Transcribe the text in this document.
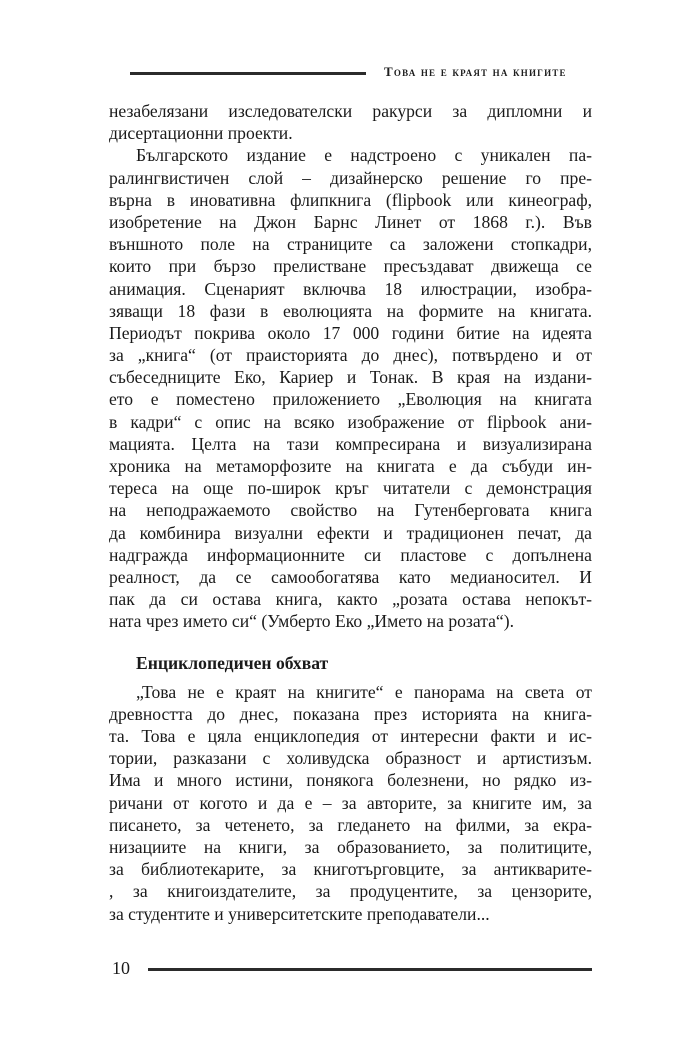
Това не е краят на книгите
незабелязани изследователски ракурси за дипломни и
дисертационни проекти.
Българското издание е надстроено с уникален па-
ралингвистичен слой – дизайнерско решение го пре-
върна в иновативна флипкнига (flipbook или кинеограф,
изобретение на Джон Барнс Линет от 1868 г.). Във
външното поле на страниците са заложени стопкадри,
които при бързо прелистване пресъздават движеща се
анимация. Сценарият включва 18 илюстрации, изобра-
зяващи 18 фази в еволюцията на формите на книгата.
Периодът покрива около 17 000 години битие на идеята
за „книга“ (от праисторията до днес), потвърдено и от
събеседниците Еко, Кариер и Тонак. В края на издани-
ето е поместено приложението „Еволюция на книгата
в кадри“ с опис на всяко изображение от flipbook ани-
мацията. Целта на тази компресирана и визуализирана
хроника на метаморфозите на книгата е да събуди ин-
тереса на още по-широк кръг читатели с демонстрация
на неподражаемото свойство на Гутенберговата книга
да комбинира визуални ефекти и традиционен печат, да
надгражда информационните си пластове с допълнена
реалност, да се самообогатява като медианосител. И
пак да си остава книга, както „розата остава непокът-
ната чрез името си“ (Умберто Еко „Името на розата“).
Енциклопедичен обхват
„Това не е краят на книгите“ е панорама на света от
древността до днес, показана през историята на книга-
та. Това е цяла енциклопедия от интересни факти и ис-
тории, разказани с холивудска образност и артистизъм.
Има и много истини, понякога болезнени, но рядко из-
ричани от когото и да е – за авторите, за книгите им, за
писането, за четенето, за гледането на филми, за екра-
низациите на книги, за образованието, за политиците,
за библиотекарите, за книготърговците, за антикварите-
, за книгоиздателите, за продуцентите, за цензорите,
за студентите и университетските преподаватели...
10
